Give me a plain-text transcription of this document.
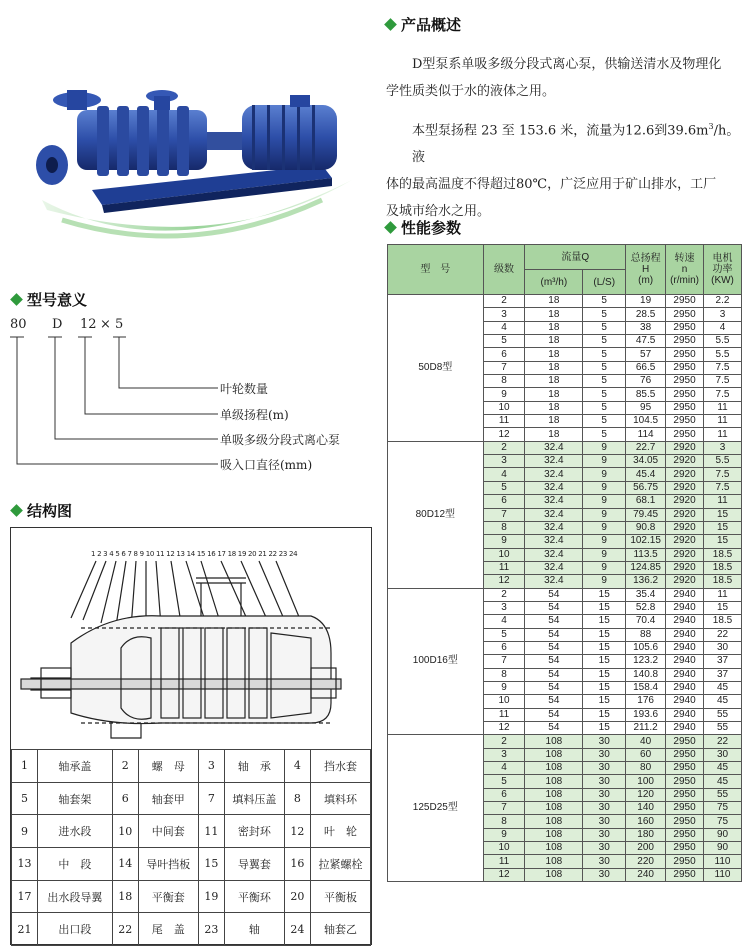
产品概述
D型泵系单吸多级分段式离心泵，供输送清水及物理化
学性质类似于水的液体之用。
本型泵扬程 23 至 153.6 米，流量为12.6到$39.6m^3/h$。液
体的最高温度不得超过80℃，广泛应用于矿山排水，工厂
及城市给水之用。
型号意义
80 D 12 × 5
叶轮数量
单级扬程(m)
单吸多级分段式离心泵
吸入口直径(mm)
结构图
1 2 3 4 5 6 7 8 9 10 11 12 13 14 15 16 17 18 19 20 21 22 23 24
1	轴承盖	2	螺　母	3	轴　承	4	挡水套
5	轴套架	6	轴套甲	7	填料压盖	8	填料环
9	进水段	10	中间套	11	密封环	12	叶　轮
13	中　段	14	导叶挡板	15	导翼套	16	拉紧螺栓
17	出水段导翼	18	平衡套	19	平衡环	20	平衡板
21	出口段	22	尾　盖	23	轴	24	轴套乙
性能参数
型　号	级数	流量Q		总扬程
H
(m)	转速
n
(r/min)	电机
功率
(KW)
		(m³/h)	(L/S)			
50D8型	2	18	5	19	2950	2.2
	3	18	5	28.5	2950	3
	4	18	5	38	2950	4
	5	18	5	47.5	2950	5.5
	6	18	5	57	2950	5.5
	7	18	5	66.5	2950	7.5
	8	18	5	76	2950	7.5
	9	18	5	85.5	2950	7.5
	10	18	5	95	2950	11
	11	18	5	104.5	2950	11
	12	18	5	114	2950	11
80D12型	2	32.4	9	22.7	2920	3
	3	32.4	9	34.05	2920	5.5
	4	32.4	9	45.4	2920	7.5
	5	32.4	9	56.75	2920	7.5
	6	32.4	9	68.1	2920	11
	7	32.4	9	79.45	2920	15
	8	32.4	9	90.8	2920	15
	9	32.4	9	102.15	2920	15
	10	32.4	9	113.5	2920	18.5
	11	32.4	9	124.85	2920	18.5
	12	32.4	9	136.2	2920	18.5
100D16型	2	54	15	35.4	2940	11
	3	54	15	52.8	2940	15
	4	54	15	70.4	2940	18.5
	5	54	15	88	2940	22
	6	54	15	105.6	2940	30
	7	54	15	123.2	2940	37
	8	54	15	140.8	2940	37
	9	54	15	158.4	2940	45
	10	54	15	176	2940	45
	11	54	15	193.6	2940	55
	12	54	15	211.2	2940	55
125D25型	2	108	30	40	2950	22
	3	108	30	60	2950	30
	4	108	30	80	2950	45
	5	108	30	100	2950	45
	6	108	30	120	2950	55
	7	108	30	140	2950	75
	8	108	30	160	2950	75
	9	108	30	180	2950	90
	10	108	30	200	2950	90
	11	108	30	220	2950	110
	12	108	30	240	2950	110
